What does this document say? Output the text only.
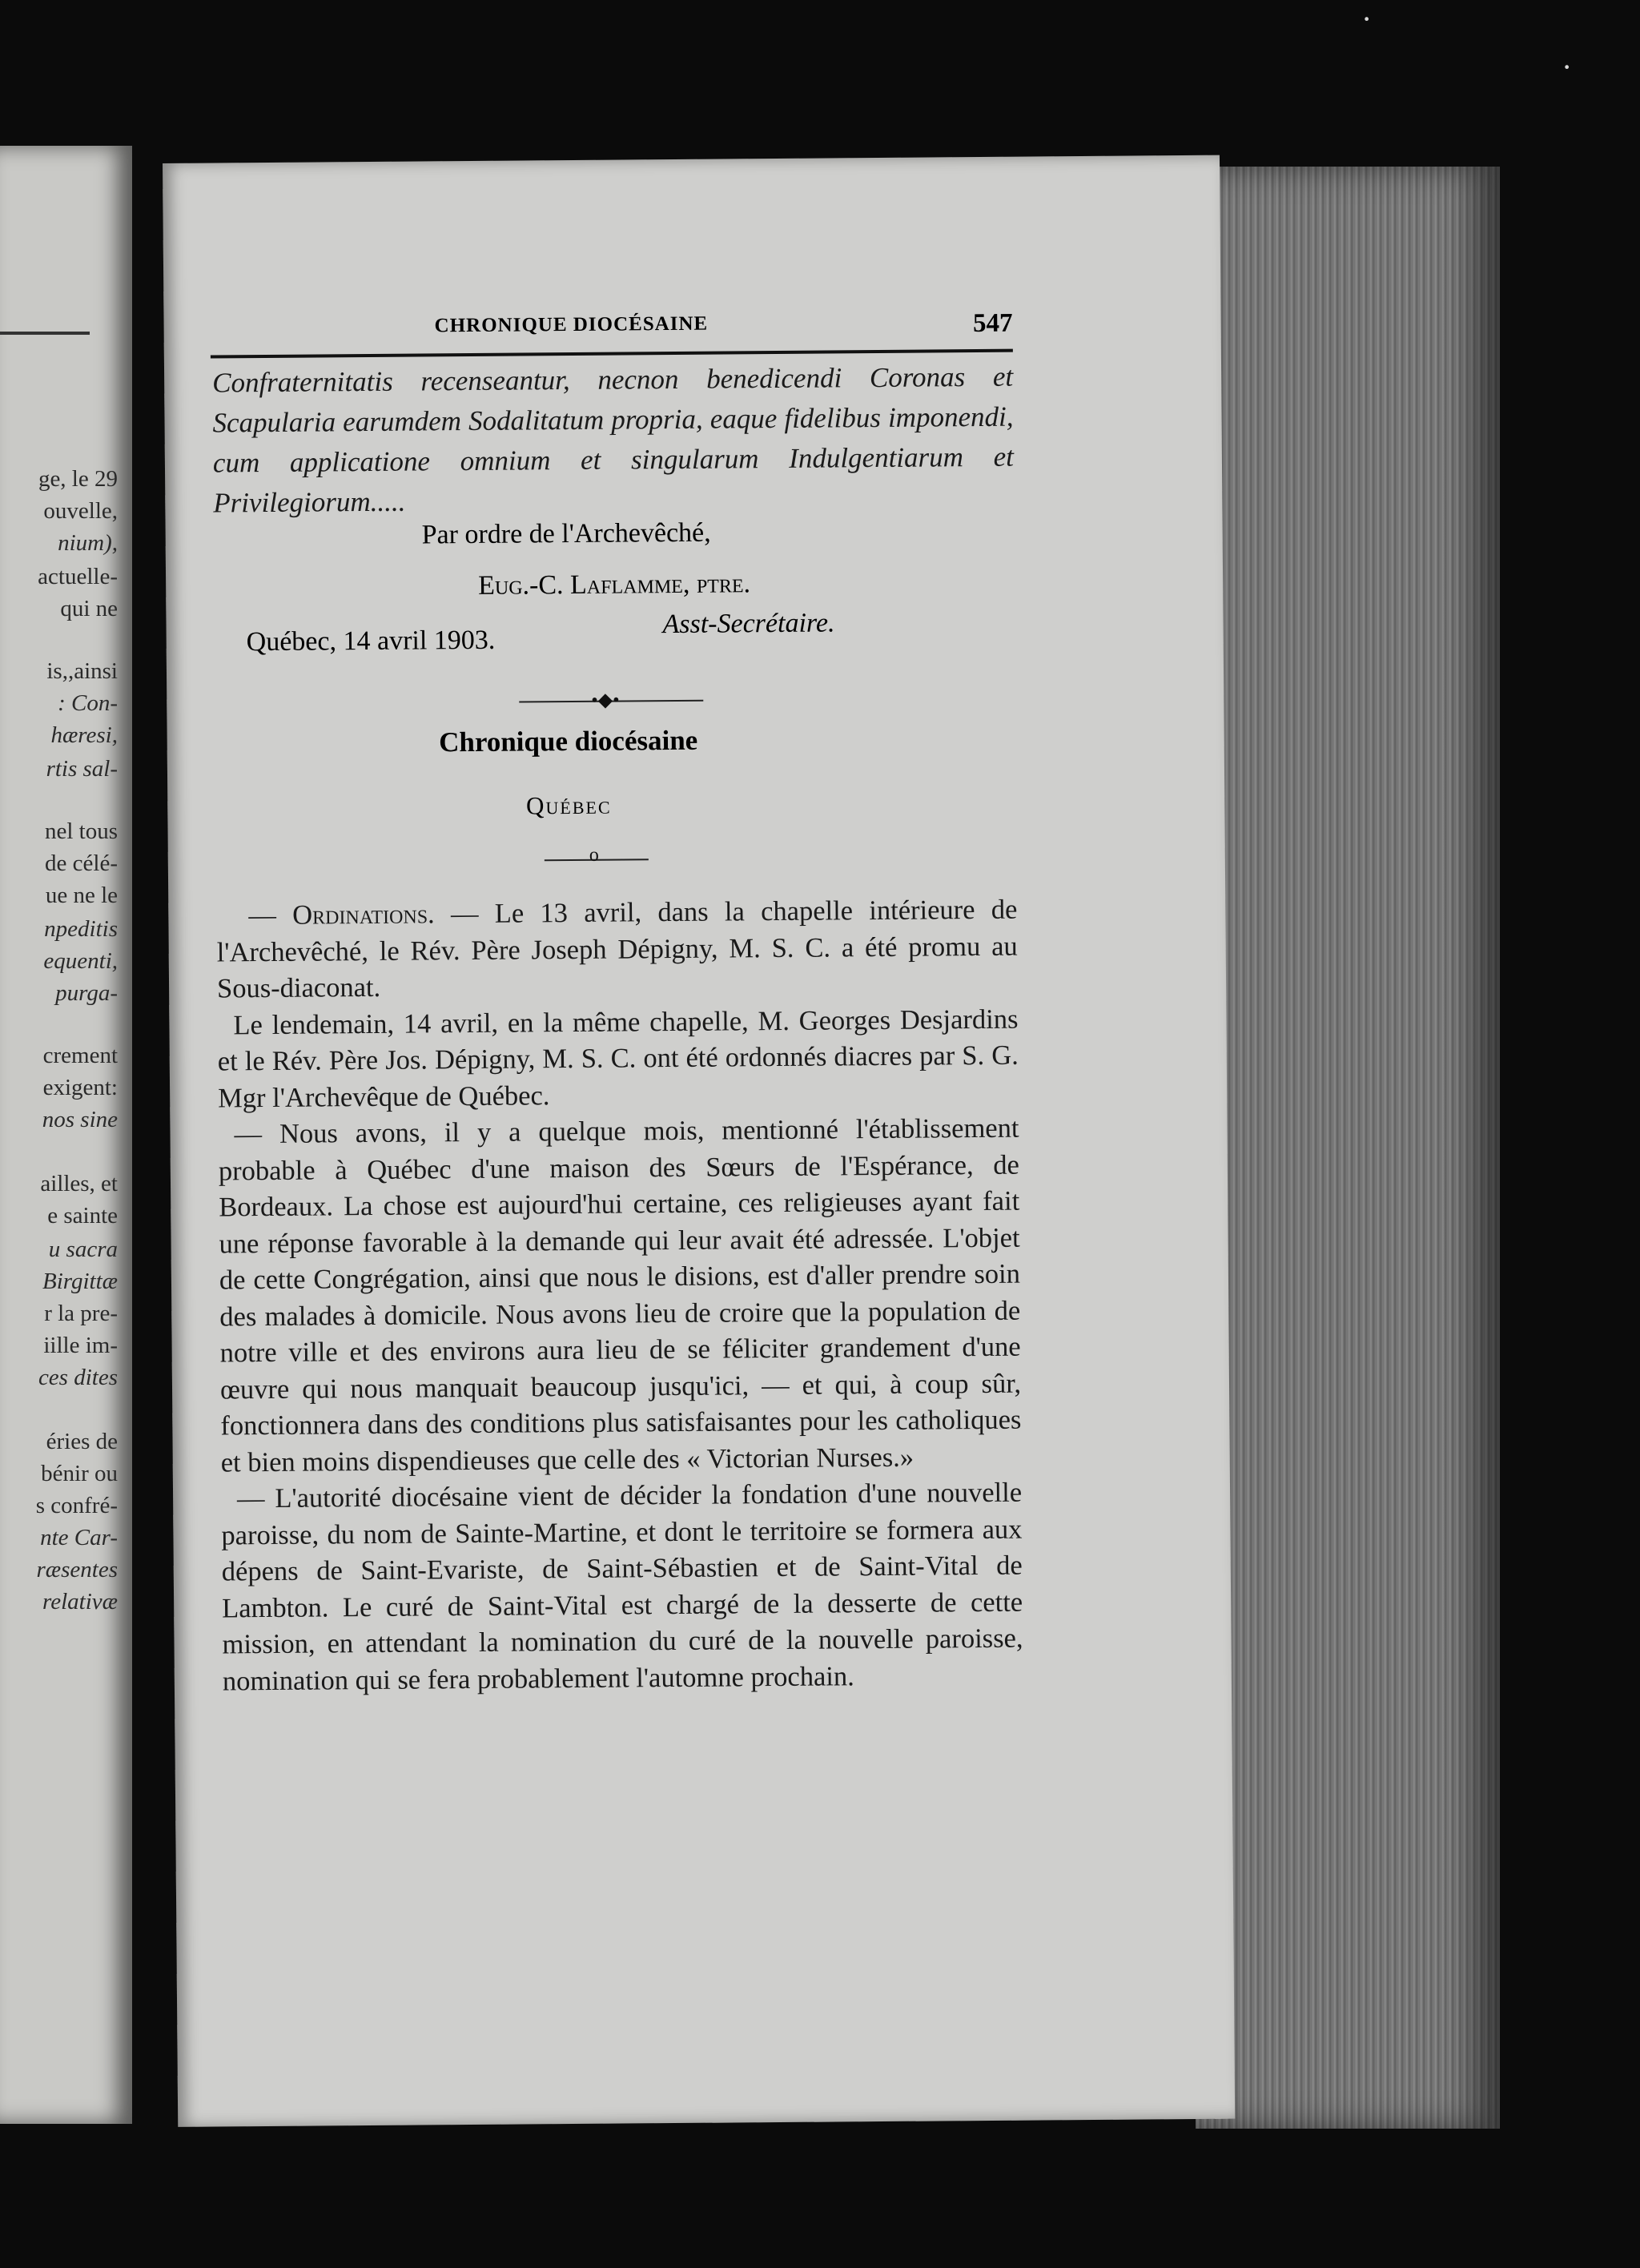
·
·
ge, le 29
ouvelle,
nium),
actuelle-
qui ne
is,,ainsi
: Con-
hæresi,
rtis sal-
nel tous
de célé-
ue ne le
npeditis
equenti,
purga-
crement
exigent:
nos sine
ailles, et
e sainte
u sacra
Birgittæ
r la pre-
iille im-
ces dites
éries de
bénir ou
s confré-
nte Car-
ræsentes
relativæ
CHRONIQUE DIOCÉSAINE	547
Confraternitatis recenseantur, necnon benedicendi Coronas et Scapularia earumdem Sodalitatum propria, eaque fidelibus imponendi, cum applicatione omnium et singularum Indulgentiarum et Privilegiorum.....
Par ordre de l'Archevêché,
Eug.-C. Laflamme, ptre.
Asst-Secrétaire.
Québec, 14 avril 1903.
•◆•
Chronique diocésaine
Québec
o

— Ordinations. — Le 13 avril, dans la chapelle intérieure de l'Archevêché, le Rév. Père Joseph Dépigny, M. S. C. a été promu au Sous-diaconat.

Le lendemain, 14 avril, en la même chapelle, M. Georges Desjardins et le Rév. Père Jos. Dépigny, M. S. C. ont été ordonnés diacres par S. G. Mgr l'Archevêque de Québec.

— Nous avons, il y a quelque mois, mentionné l'établissement probable à Québec d'une maison des Sœurs de l'Espérance, de Bordeaux. La chose est aujourd'hui certaine, ces religieuses ayant fait une réponse favorable à la demande qui leur avait été adressée. L'objet de cette Congrégation, ainsi que nous le disions, est d'aller prendre soin des malades à domicile. Nous avons lieu de croire que la population de notre ville et des environs aura lieu de se féliciter grandement d'une œuvre qui nous manquait beaucoup jusqu'ici, — et qui, à coup sûr, fonctionnera dans des conditions plus satisfaisantes pour les catholiques et bien moins dispendieuses que celle des « Victorian Nurses.»

— L'autorité diocésaine vient de décider la fondation d'une nouvelle paroisse, du nom de Sainte-Martine, et dont le territoire se formera aux dépens de Saint-Evariste, de Saint-Sébastien et de Saint-Vital de Lambton. Le curé de Saint-Vital est chargé de la desserte de cette mission, en attendant la nomination du curé de la nouvelle paroisse, nomination qui se fera probablement l'automne prochain.
